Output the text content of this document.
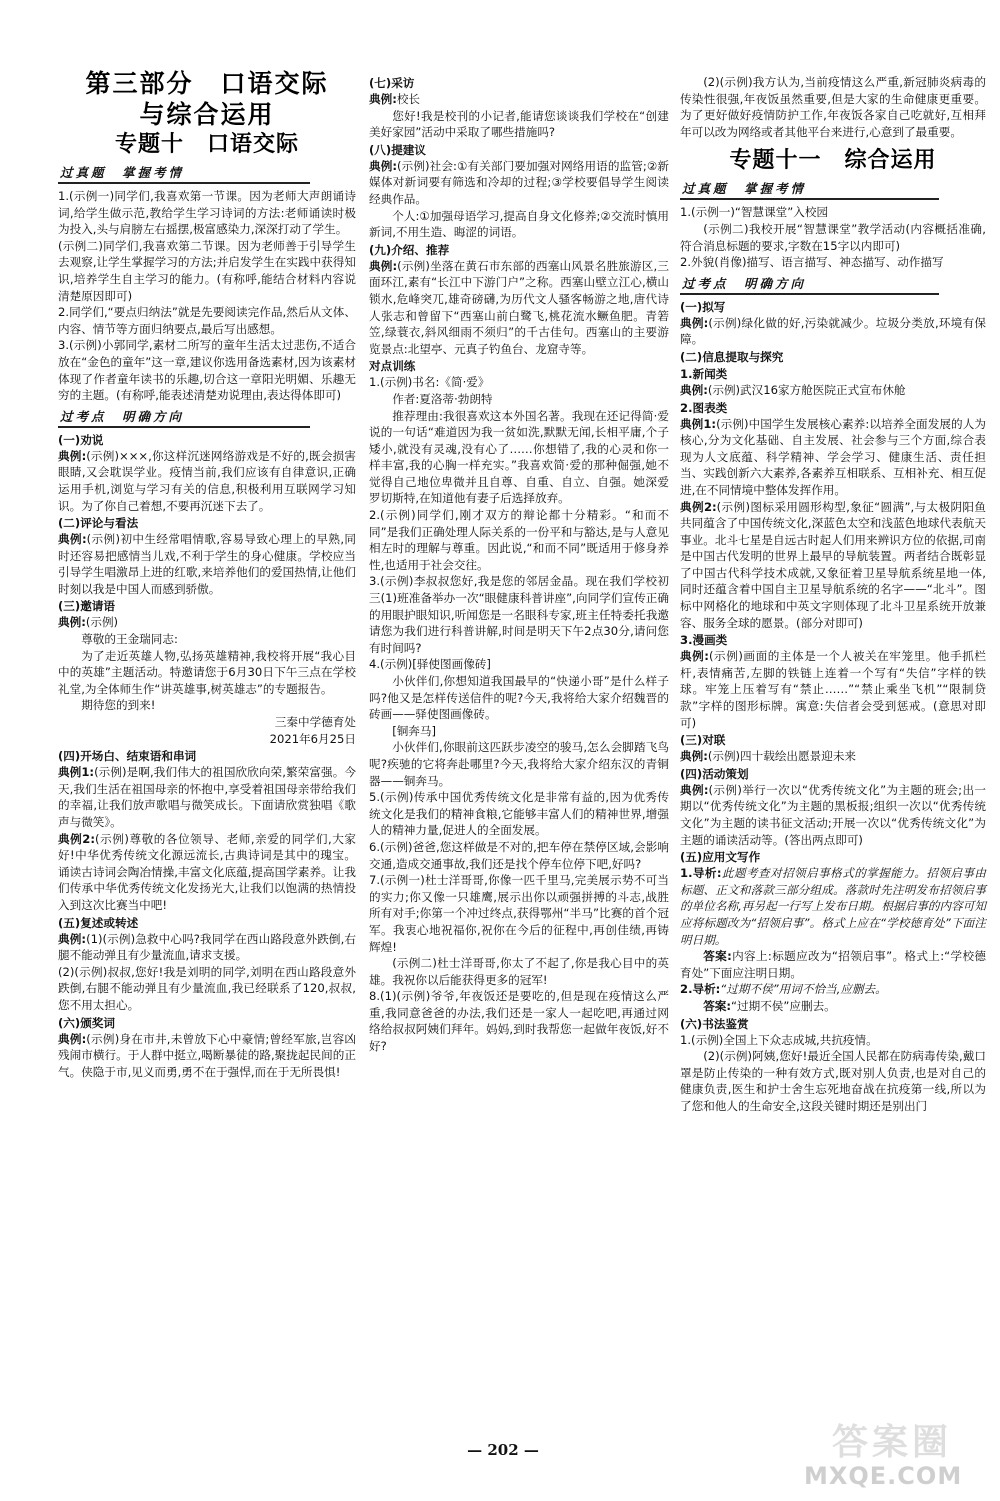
第三部分　口语交际
与综合运用
专题十　口语交际
过真题　掌握考情

1.(示例一)同学们,我喜欢第一节课。因为老师大声朗诵诗词,给学生做示范,教给学生学习诗词的方法:老师诵读时极为投入,头与肩膀左右摇摆,极富感染力,深深打动了学生。

(示例二)同学们,我喜欢第二节课。因为老师善于引导学生去观察,让学生掌握学习的方法;并启发学生在实践中获得知识,培养学生自主学习的能力。(有称呼,能结合材料内容说清楚原因即可)

2.同学们,“要点归纳法”就是先要阅读完作品,然后从文体、内容、情节等方面归纳要点,最后写出感想。

3.(示例)小郭同学,素材二所写的童年生活太过悲伤,不适合放在“金色的童年”这一章,建议你选用备选素材,因为该素材体现了作者童年读书的乐趣,切合这一章阳光明媚、乐趣无穷的主题。(有称呼,能表述清楚劝说理由,表达得体即可)

过考点　明确方向
(一)劝说

典例:(示例)×××,你这样沉迷网络游戏是不好的,既会损害眼睛,又会耽误学业。疫情当前,我们应该有自律意识,正确运用手机,浏览与学习有关的信息,积极利用互联网学习知识。为了你自己着想,不要再沉迷下去了。

(二)评论与看法

典例:(示例)初中生经常唱情歌,容易导致心理上的早熟,同时还容易把感情当儿戏,不利于学生的身心健康。学校应当引导学生唱激昂上进的红歌,来培养他们的爱国热情,让他们时刻以我是中国人而感到骄傲。

(三)邀请语

典例:(示例)

尊敬的王金瑞同志:

为了走近英雄人物,弘扬英雄精神,我校将开展“我心目中的英雄”主题活动。特邀请您于6月30日下午三点在学校礼堂,为全体师生作“讲英雄事,树英雄志”的专题报告。

期待您的到来!

三秦中学德育处

2021年6月25日

(四)开场白、结束语和串词

典例1:(示例)是啊,我们伟大的祖国欣欣向荣,繁荣富强。今天,我们生活在祖国母亲的怀抱中,享受着祖国母亲带给我们的幸福,让我们放声歌唱与微笑成长。下面请欣赏独唱《歌声与微笑》。

典例2:(示例)尊敬的各位领导、老师,亲爱的同学们,大家好!中华优秀传统文化源远流长,古典诗词是其中的瑰宝。诵读古诗词会陶冶情操,丰富文化底蕴,提高国学素养。让我们传承中华优秀传统文化发扬光大,让我们以饱满的热情投入到这次比赛当中吧!

(五)复述或转述

典例:(1)(示例)急救中心吗?我同学在西山路段意外跌倒,右腿不能动弹且有少量流血,请求支援。

(2)(示例)叔叔,您好!我是刘明的同学,刘明在西山路段意外跌倒,右腿不能动弹且有少量流血,我已经联系了120,叔叔,您不用太担心。

(六)颁奖词

典例:(示例)身在市井,未曾放下心中豪情;曾经军旅,岂容凶残闹市横行。于人群中挺立,喝断暴徒的路,聚拢起民间的正气。侠隐于市,见义而勇,勇不在于强悍,而在于无所畏惧!

(七)采访

典例:校长

您好!我是校刊的小记者,能请您谈谈我们学校在“创建美好家园”活动中采取了哪些措施吗?

(八)提建议

典例:(示例)社会:①有关部门要加强对网络用语的监管;②新媒体对新词要有筛选和冷却的过程;③学校要倡导学生阅读经典作品。

个人:①加强母语学习,提高自身文化修养;②交流时慎用新词,不用生造、晦涩的词语。

(九)介绍、推荐

典例:(示例)坐落在黄石市东部的西塞山风景名胜旅游区,三面环江,素有“长江中下游门户”之称。西塞山壁立江心,横山锁水,危峰突兀,雄奇磅礴,为历代文人骚客畅游之地,唐代诗人张志和曾留下“西塞山前白鹭飞,桃花流水鳜鱼肥。青箬笠,绿蓑衣,斜风细雨不须归”的千古佳句。西塞山的主要游览景点:北望亭、元真子钓鱼台、龙窟寺等。

对点训练

1.(示例)书名:《简·爱》

作者:夏洛蒂·勃朗特

推荐理由:我很喜欢这本外国名著。我现在还记得简·爱说的一句话“难道因为我一贫如洗,默默无闻,长相平庸,个子矮小,就没有灵魂,没有心了……你想错了,我的心灵和你一样丰富,我的心胸一样充实。”我喜欢简·爱的那种倔强,她不觉得自己地位卑微并且自尊、自重、自立、自强。她深爱罗切斯特,在知道他有妻子后选择放弃。

2.(示例)同学们,刚才双方的辩论都十分精彩。“和而不同”是我们正确处理人际关系的一份平和与豁达,是与人意见相左时的理解与尊重。因此说,“和而不同”既适用于修身养性,也适用于社会交往。

3.(示例)李叔叔您好,我是您的邻居金晶。现在我们学校初三(1)班准备举办一次“眼健康科普讲座”,向同学们宣传正确的用眼护眼知识,听闻您是一名眼科专家,班主任特委托我邀请您为我们进行科普讲解,时间是明天下午2点30分,请问您有时间吗?

4.(示例)[驿使图画像砖]

小伙伴们,你想知道我国最早的“快递小哥”是什么样子吗?他又是怎样传送信件的呢?今天,我将给大家介绍魏晋的砖画——驿使图画像砖。

[铜奔马]

小伙伴们,你眼前这匹跃步凌空的骏马,怎么会脚踏飞鸟呢?疾驰的它将奔赴哪里?今天,我将给大家介绍东汉的青铜器——铜奔马。

5.(示例)传承中国优秀传统文化是非常有益的,因为优秀传统文化是我们的精神食粮,它能够丰富人们的精神世界,增强人的精神力量,促进人的全面发展。

6.(示例)爸爸,您这样做是不对的,把车停在禁停区域,会影响交通,造成交通事故,我们还是找个停车位停下吧,好吗?

7.(示例一)杜士洋哥哥,你像一匹千里马,完美展示势不可当的实力;你又像一只雄鹰,展示出你以顽强拼搏的斗志,战胜所有对手;你第一个冲过终点,获得鄂州“半马”比赛的首个冠军。我衷心地祝福你,祝你在今后的征程中,再创佳绩,再铸辉煌!

(示例二)杜士洋哥哥,你太了不起了,你是我心目中的英雄。我祝你以后能获得更多的冠军!

8.(1)(示例)爷爷,年夜饭还是要吃的,但是现在疫情这么严重,我同意爸爸的办法,我们还是一家人一起吃吧,再通过网络给叔叔阿姨们拜年。妈妈,到时我帮您一起做年夜饭,好不好?

(2)(示例)我方认为,当前疫情这么严重,新冠肺炎病毒的传染性很强,年夜饭虽然重要,但是大家的生命健康更重要。为了更好做好疫情防护工作,年夜饭各家自己吃就好,互相拜年可以改为网络或者其他平台来进行,心意到了最重要。

专题十一　综合运用
过真题　掌握考情

1.(示例一)“智慧课堂”入校园

(示例二)我校开展“智慧课堂”教学活动(内容概括准确,符合消息标题的要求,字数在15字以内即可)

2.外貌(肖像)描写、语言描写、神态描写、动作描写

过考点　明确方向
(一)拟写

典例:(示例)绿化做的好,污染就减少。垃圾分类放,环境有保障。

(二)信息提取与探究
1.新闻类

典例:(示例)武汉16家方舱医院正式宣布休舱

2.图表类

典例1:(示例)中国学生发展核心素养:以培养全面发展的人为核心,分为文化基础、自主发展、社会参与三个方面,综合表现为人文底蕴、科学精神、学会学习、健康生活、责任担当、实践创新六大素养,各素养互相联系、互相补充、相互促进,在不同情境中整体发挥作用。

典例2:(示例)图标采用圆形构型,象征“圆满”,与太极阴阳鱼共同蕴含了中国传统文化,深蓝色太空和浅蓝色地球代表航天事业。北斗七星是自远古时起人们用来辨识方位的依据,司南是中国古代发明的世界上最早的导航装置。两者结合既彰显了中国古代科学技术成就,又象征着卫星导航系统星地一体,同时还蕴含着中国自主卫星导航系统的名字——“北斗”。图标中网格化的地球和中英文字则体现了北斗卫星系统开放兼容、服务全球的愿景。(部分对即可)

3.漫画类

典例:(示例)画面的主体是一个人被关在牢笼里。他手抓栏杆,表情痛苦,左脚的铁链上连着一个写有“失信”字样的铁球。牢笼上压着写有“禁止……”“禁止乘坐飞机”“限制贷款”字样的图形标牌。寓意:失信者会受到惩戒。(意思对即可)

(三)对联

典例:(示例)四十载绘出愿景迎未来

(四)活动策划

典例:(示例)举行一次以“优秀传统文化”为主题的班会;出一期以“优秀传统文化”为主题的黑板报;组织一次以“优秀传统文化”为主题的读书征文活动;开展一次以“优秀传统文化”为主题的诵读活动等。(答出两点即可)

(五)应用文写作

1.导析:此题考查对招领启事格式的掌握能力。招领启事由标题、正文和落款三部分组成。落款时先注明发布招领启事的单位名称,再另起一行写上发布日期。根据启事的内容可知应将标题改为“招领启事”。格式上应在“学校德育处”下面注明日期。

答案:内容上:标题应改为“招领启事”。格式上:“学校德育处”下面应注明日期。

2.导析:“过期不侯”用词不恰当,应删去。

答案:“过期不侯”应删去。

(六)书法鉴赏

1.(示例)全国上下众志成城,共抗疫情。

(2)(示例)阿姨,您好!最近全国人民都在防病毒传染,戴口罩是防止传染的一种有效方式,既对别人负责,也是对自己的健康负责,医生和护士舍生忘死地奋战在抗疫第一线,所以为了您和他人的生命安全,这段关键时期还是别出门

— 202 —	答案圈
MXQE.COM
